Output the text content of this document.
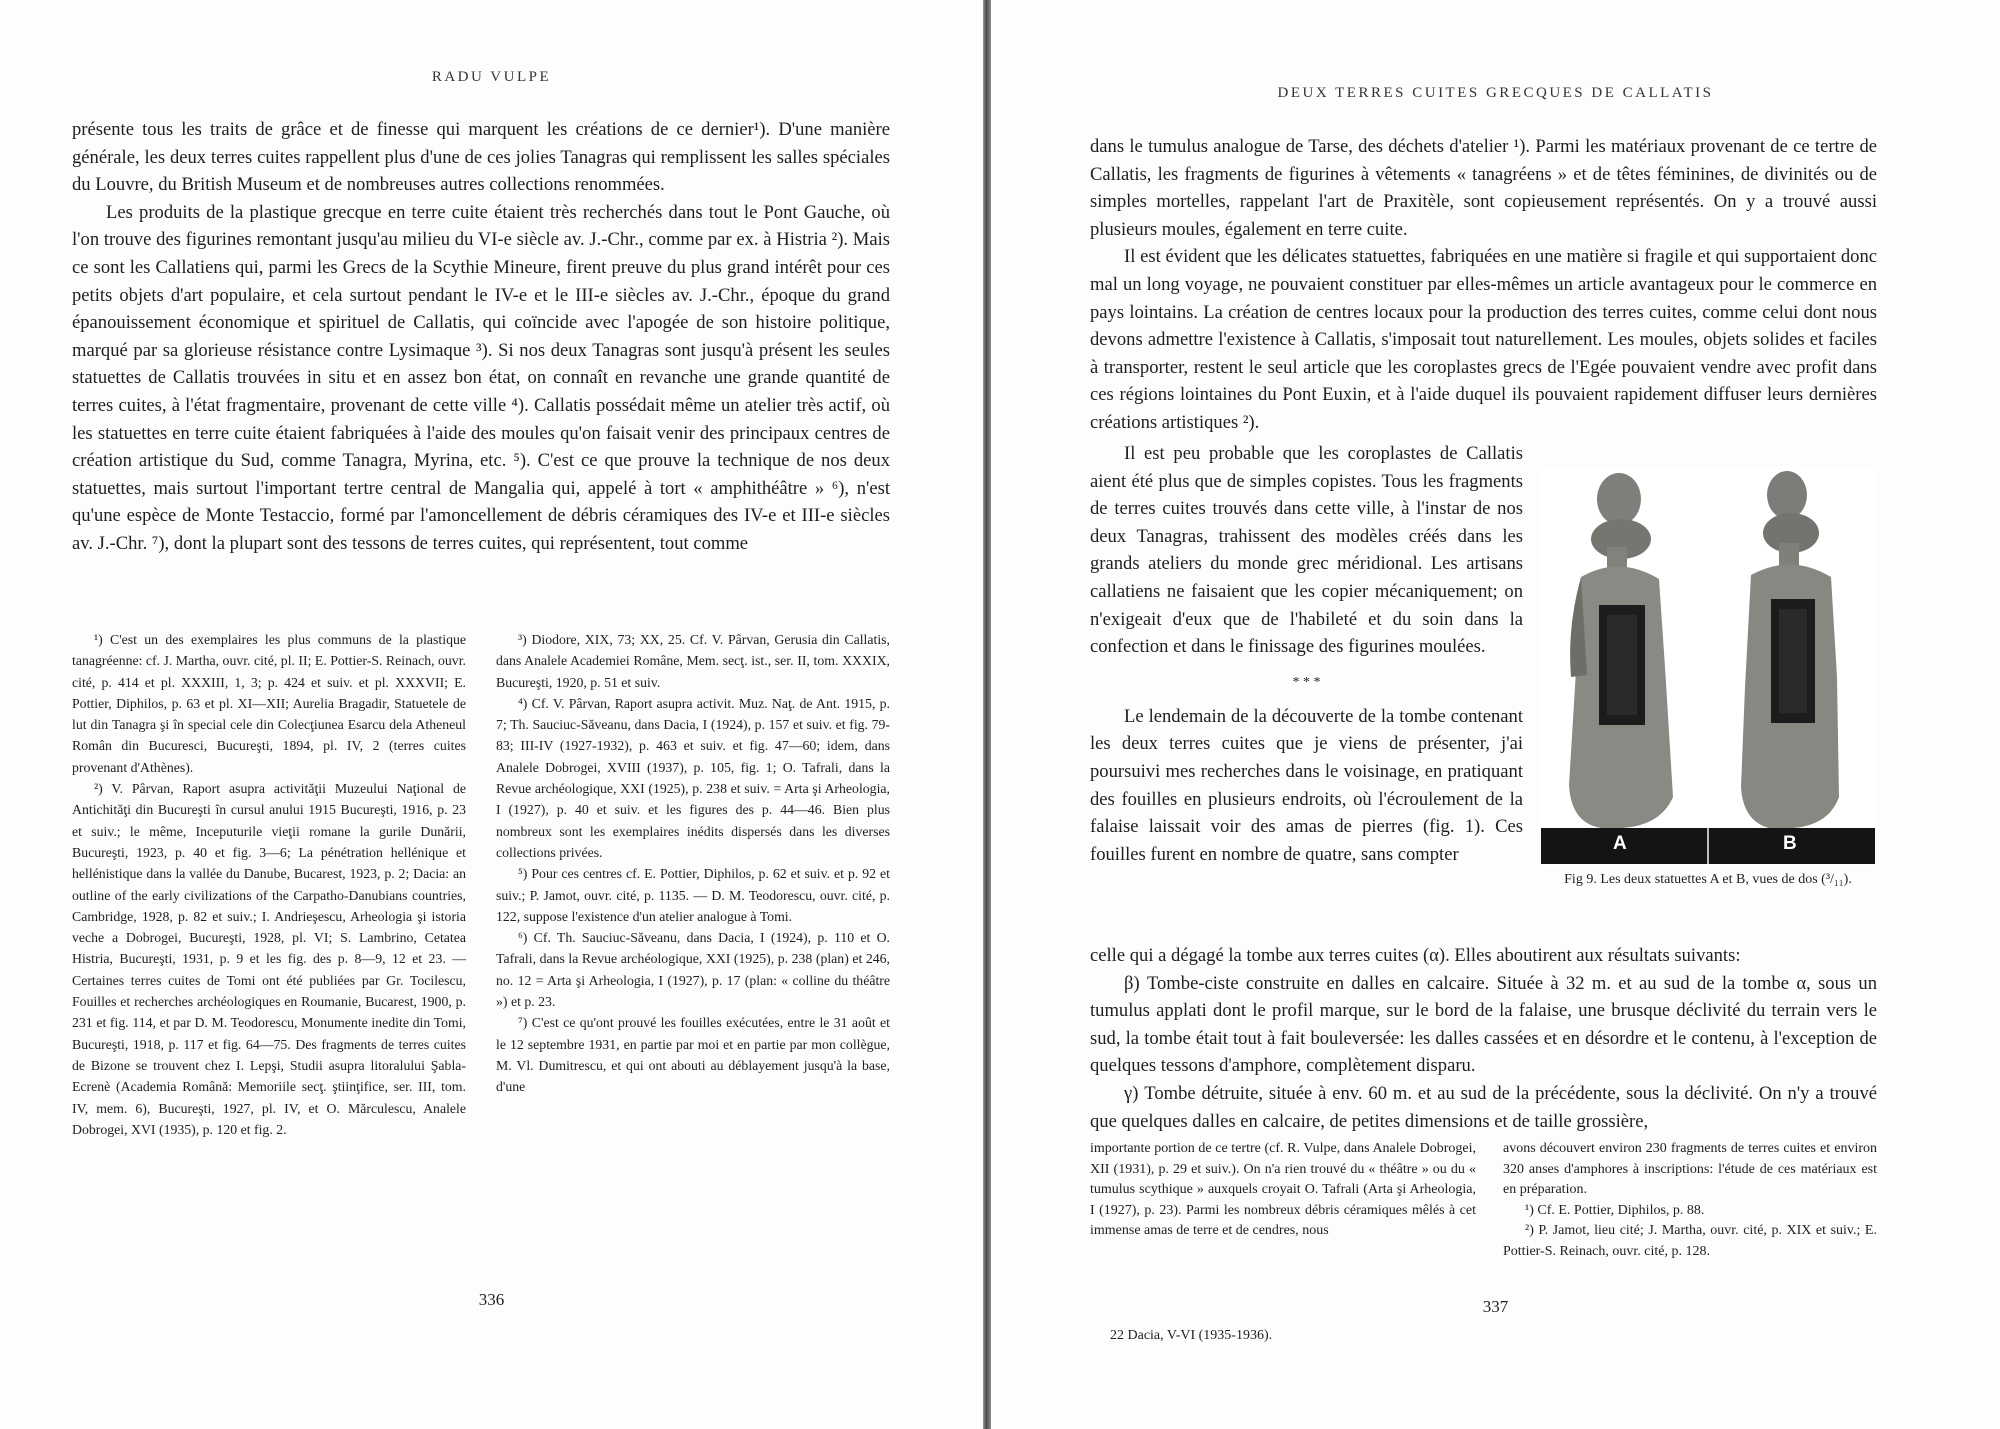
RADU VULPE

présente tous les traits de grâce et de finesse qui marquent les créations de ce dernier¹). D'une manière générale, les deux terres cuites rappellent plus d'une de ces jolies Tanagras qui remplissent les salles spéciales du Louvre, du British Museum et de nombreuses autres collections renommées.

Les produits de la plastique grecque en terre cuite étaient très recherchés dans tout le Pont Gauche, où l'on trouve des figurines remontant jusqu'au milieu du VI-e siècle av. J.-Chr., comme par ex. à Histria ²). Mais ce sont les Callatiens qui, parmi les Grecs de la Scythie Mineure, firent preuve du plus grand intérêt pour ces petits objets d'art populaire, et cela surtout pendant le IV-e et le III-e siècles av. J.-Chr., époque du grand épanouissement économique et spirituel de Callatis, qui coïncide avec l'apogée de son histoire politique, marqué par sa glorieuse résistance contre Lysimaque ³). Si nos deux Tanagras sont jusqu'à présent les seules statuettes de Callatis trouvées in situ et en assez bon état, on connaît en revanche une grande quantité de terres cuites, à l'état fragmentaire, provenant de cette ville ⁴). Callatis possédait même un atelier très actif, où les statuettes en terre cuite étaient fabriquées à l'aide des moules qu'on faisait venir des principaux centres de création artistique du Sud, comme Tanagra, Myrina, etc. ⁵). C'est ce que prouve la technique de nos deux statuettes, mais surtout l'important tertre central de Mangalia qui, appelé à tort « amphithéâtre » ⁶), n'est qu'une espèce de Monte Testaccio, formé par l'amoncellement de débris céramiques des IV-e et III-e siècles av. J.-Chr. ⁷), dont la plupart sont des tessons de terres cuites, qui représentent, tout comme

¹) C'est un des exemplaires les plus communs de la plastique tanagréenne: cf. J. Martha, ouvr. cité, pl. II; E. Pottier-S. Reinach, ouvr. cité, p. 414 et pl. XXXIII, 1, 3; p. 424 et suiv. et pl. XXXVII; E. Pottier, Diphilos, p. 63 et pl. XI—XII; Aurelia Bragadir, Statuetele de lut din Tanagra şi în special cele din Colecţiunea Esarcu dela Atheneul Român din Bucuresci, Bucureşti, 1894, pl. IV, 2 (terres cuites provenant d'Athènes).

²) V. Pârvan, Raport asupra activităţii Muzeului Naţional de Antichităţi din Bucureşti în cursul anului 1915 Bucureşti, 1916, p. 23 et suiv.; le même, Inceputurile vieţii romane la gurile Dunării, Bucureşti, 1923, p. 40 et fig. 3—6; La pénétration hellénique et hellénistique dans la vallée du Danube, Bucarest, 1923, p. 2; Dacia: an outline of the early civilizations of the Carpatho-Danubians countries, Cambridge, 1928, p. 82 et suiv.; I. Andrieşescu, Arheologia şi istoria veche a Dobrogei, Bucureşti, 1928, pl. VI; S. Lambrino, Cetatea Histria, Bucureşti, 1931, p. 9 et les fig. des p. 8—9, 12 et 23. — Certaines terres cuites de Tomi ont été publiées par Gr. Tocilescu, Fouilles et recherches archéologiques en Roumanie, Bucarest, 1900, p. 231 et fig. 114, et par D. M. Teodorescu, Monumente inedite din Tomi, Bucureşti, 1918, p. 117 et fig. 64—75. Des fragments de terres cuites de Bizone se trouvent chez I. Lepşi, Studii asupra litoralului Şabla-Ecrenè (Academia Română: Memoriile secţ. ştiinţifice, ser. III, tom. IV, mem. 6), Bucureşti, 1927, pl. IV, et O. Mărculescu, Analele Dobrogei, XVI (1935), p. 120 et fig. 2.

³) Diodore, XIX, 73; XX, 25. Cf. V. Pârvan, Gerusia din Callatis, dans Analele Academiei Române, Mem. secţ. ist., ser. II, tom. XXXIX, Bucureşti, 1920, p. 51 et suiv.

⁴) Cf. V. Pârvan, Raport asupra activit. Muz. Naţ. de Ant. 1915, p. 7; Th. Sauciuc-Săveanu, dans Dacia, I (1924), p. 157 et suiv. et fig. 79-83; III-IV (1927-1932), p. 463 et suiv. et fig. 47—60; idem, dans Analele Dobrogei, XVIII (1937), p. 105, fig. 1; O. Tafrali, dans la Revue archéologique, XXI (1925), p. 238 et suiv. = Arta şi Arheologia, I (1927), p. 40 et suiv. et les figures des p. 44—46. Bien plus nombreux sont les exemplaires inédits dispersés dans les diverses collections privées.

⁵) Pour ces centres cf. E. Pottier, Diphilos, p. 62 et suiv. et p. 92 et suiv.; P. Jamot, ouvr. cité, p. 1135. — D. M. Teodorescu, ouvr. cité, p. 122, suppose l'existence d'un atelier analogue à Tomi.

⁶) Cf. Th. Sauciuc-Săveanu, dans Dacia, I (1924), p. 110 et O. Tafrali, dans la Revue archéologique, XXI (1925), p. 238 (plan) et 246, no. 12 = Arta şi Arheologia, I (1927), p. 17 (plan: « colline du théâtre ») et p. 23.

⁷) C'est ce qu'ont prouvé les fouilles exécutées, entre le 31 août et le 12 septembre 1931, en partie par moi et en partie par mon collègue, M. Vl. Dumitrescu, et qui ont abouti au déblayement jusqu'à la base, d'une

336
DEUX TERRES CUITES GRECQUES DE CALLATIS

dans le tumulus analogue de Tarse, des déchets d'atelier ¹). Parmi les matériaux provenant de ce tertre de Callatis, les fragments de figurines à vêtements « tanagréens » et de têtes féminines, de divinités ou de simples mortelles, rappelant l'art de Praxitèle, sont copieusement représentés. On y a trouvé aussi plusieurs moules, également en terre cuite.

Il est évident que les délicates statuettes, fabriquées en une matière si fragile et qui supportaient donc mal un long voyage, ne pouvaient constituer par elles-mêmes un article avantageux pour le commerce en pays lointains. La création de centres locaux pour la production des terres cuites, comme celui dont nous devons admettre l'existence à Callatis, s'imposait tout naturellement. Les moules, objets solides et faciles à transporter, restent le seul article que les coroplastes grecs de l'Egée pouvaient vendre avec profit dans ces régions lointaines du Pont Euxin, et à l'aide duquel ils pouvaient rapidement diffuser leurs dernières créations artistiques ²).

Il est peu probable que les coroplastes de Callatis aient été plus que de simples copistes. Tous les fragments de terres cuites trouvés dans cette ville, à l'instar de nos deux Tanagras, trahissent des modèles créés dans les grands ateliers du monde grec méridional. Les artisans callatiens ne faisaient que les copier mécaniquement; on n'exigeait d'eux que de l'habileté et du soin dans la confection et dans le finissage des figurines moulées.

* * *

Le lendemain de la découverte de la tombe contenant les deux terres cuites que je viens de présenter, j'ai poursuivi mes recherches dans le voisinage, en pratiquant des fouilles en plusieurs endroits, où l'écroulement de la falaise laissait voir des amas de pierres (fig. 1). Ces fouilles furent en nombre de quatre, sans compter

A	B
Fig 9. Les deux statuettes A et B, vues de dos (³/₁₁).

celle qui a dégagé la tombe aux terres cuites (α). Elles aboutirent aux résultats suivants:

β) Tombe-ciste construite en dalles en calcaire. Située à 32 m. et au sud de la tombe α, sous un tumulus applati dont le profil marque, sur le bord de la falaise, une brusque déclivité du terrain vers le sud, la tombe était tout à fait bouleversée: les dalles cassées et en désordre et le contenu, à l'exception de quelques tessons d'amphore, complètement disparu.

γ) Tombe détruite, située à env. 60 m. et au sud de la précédente, sous la déclivité. On n'y a trouvé que quelques dalles en calcaire, de petites dimensions et de taille grossière,

importante portion de ce tertre (cf. R. Vulpe, dans Analele Dobrogei, XII (1931), p. 29 et suiv.). On n'a rien trouvé du « théâtre » ou du « tumulus scythique » auxquels croyait O. Tafrali (Arta şi Arheologia, I (1927), p. 23). Parmi les nombreux débris céramiques mêlés à cet immense amas de terre et de cendres, nous

avons découvert environ 230 fragments de terres cuites et environ 320 anses d'amphores à inscriptions: l'étude de ces matériaux est en préparation.

¹) Cf. E. Pottier, Diphilos, p. 88.

²) P. Jamot, lieu cité; J. Martha, ouvr. cité, p. XIX et suiv.; E. Pottier-S. Reinach, ouvr. cité, p. 128.

337
22 Dacia, V-VI (1935-1936).
